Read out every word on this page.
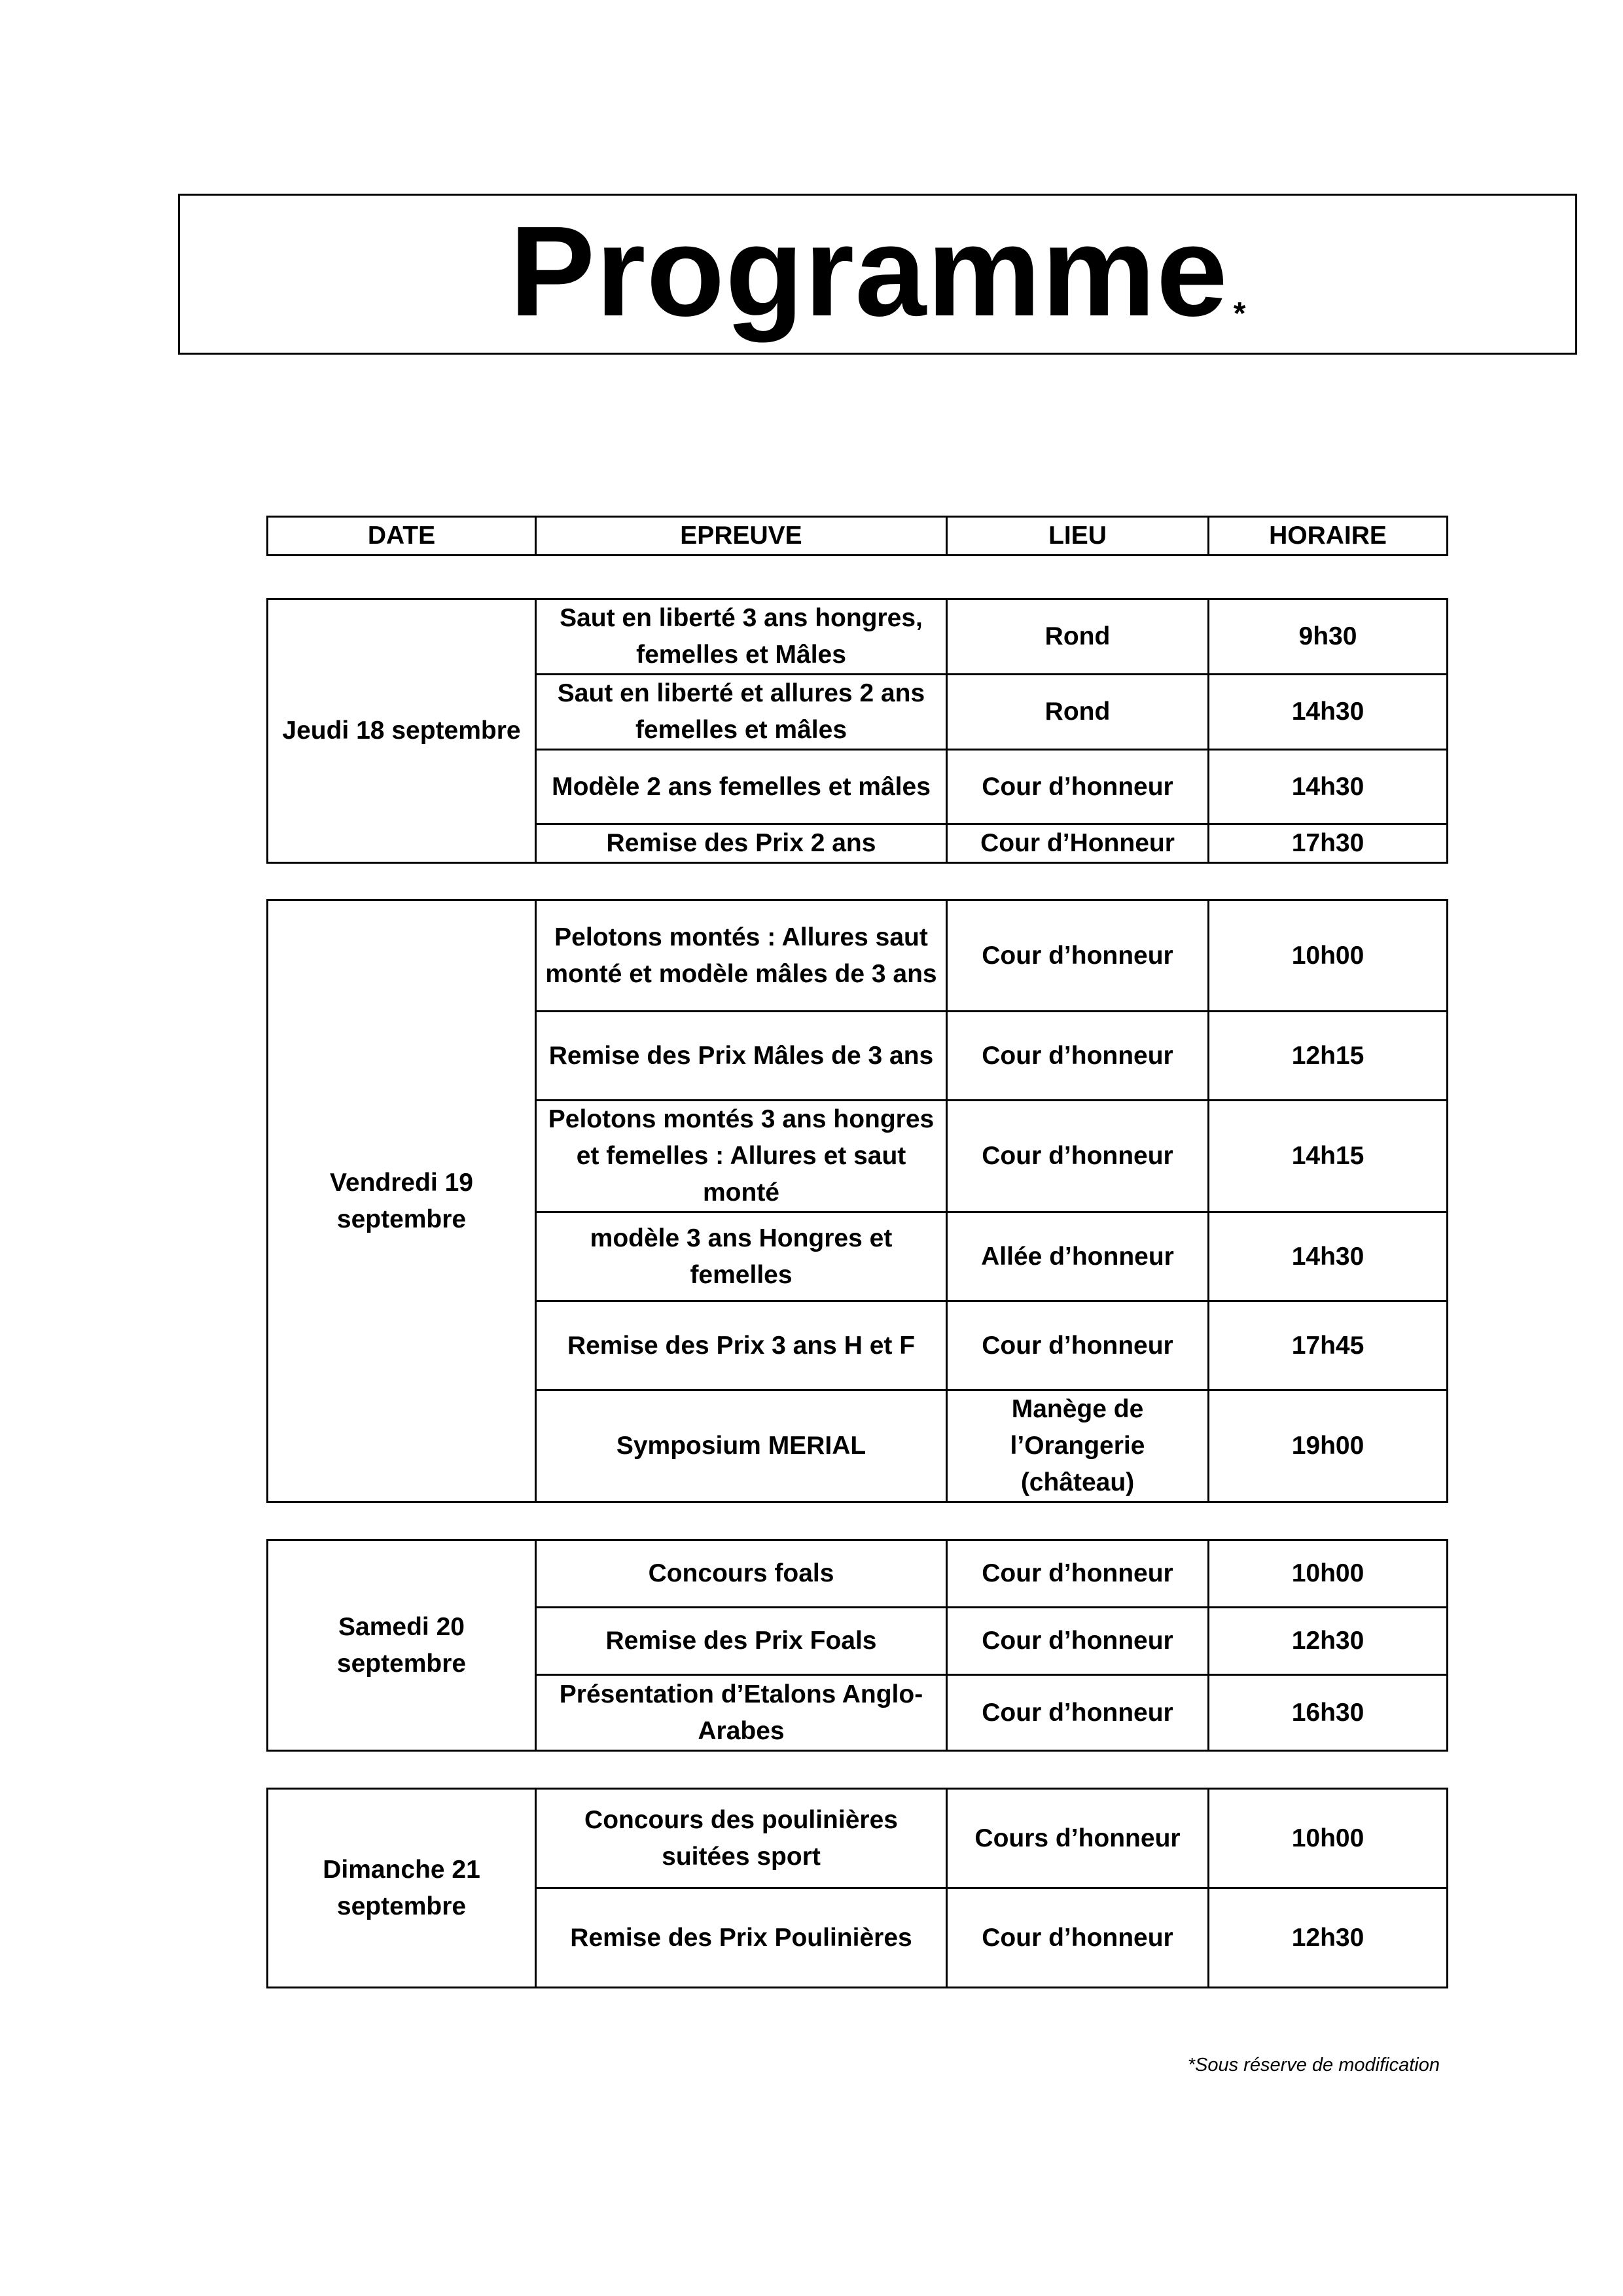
Programme *
DATE	EPREUVE	LIEU	HORAIRE
Jeudi 18 septembre	Saut en liberté 3 ans hongres, femelles et Mâles	Rond	9h30
	Saut en liberté et allures 2 ans femelles et mâles	Rond	14h30
	Modèle 2 ans femelles et mâles	Cour d’honneur	14h30
	Remise des Prix 2 ans	Cour d’Honneur	17h30
Vendredi 19 septembre	Pelotons montés : Allures saut monté et modèle mâles de 3 ans	Cour d’honneur	10h00
	Remise des Prix Mâles de 3 ans	Cour d’honneur	12h15
	Pelotons montés 3 ans hongres et femelles : Allures et saut monté	Cour d’honneur	14h15
	modèle 3 ans Hongres et femelles	Allée d’honneur	14h30
	Remise des Prix 3 ans H et F	Cour d’honneur	17h45
	Symposium MERIAL	Manège de l’Orangerie (château)	19h00
Samedi 20 septembre	Concours foals	Cour d’honneur	10h00
	Remise des Prix Foals	Cour d’honneur	12h30
	Présentation d’Etalons Anglo-Arabes	Cour d’honneur	16h30
Dimanche 21 septembre	Concours des poulinières suitées sport	Cours d’honneur	10h00
	Remise des Prix Poulinières	Cour d’honneur	12h30
*Sous réserve de modification
